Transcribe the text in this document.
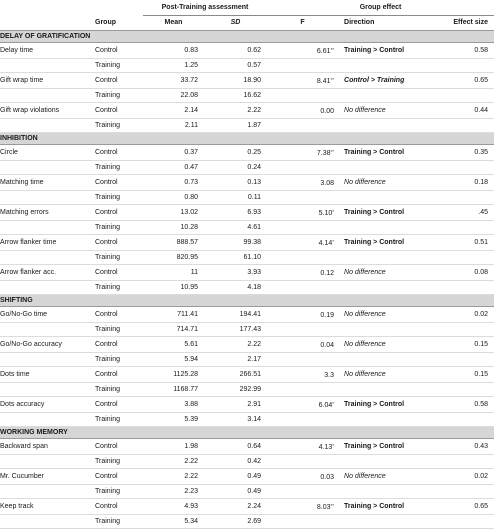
		Post-Training assessment		Group effect		
	Group	Mean	SD	F	Direction	Effect size
DELAY OF GRATIFICATION						
Delay time	Control	0.83	0.62	6.61**	Training > Control	0.58
	Training	1.25	0.57			
Gift wrap time	Control	33.72	18.90	8.41**	Control > Training	0.65
	Training	22.08	16.62			
Gift wrap violations	Control	2.14	2.22	0.00	No difference	0.44
	Training	2.11	1.87			
INHIBITION						
Circle	Control	0.37	0.25	7.38**	Training > Control	0.35
	Training	0.47	0.24			
Matching time	Control	0.73	0.13	3.08	No difference	0.18
	Training	0.80	0.11			
Matching errors	Control	13.02	6.93	5.10*	Training > Control	.45
	Training	10.28	4.61			
Arrow flanker time	Control	888.57	99.38	4.14*	Training > Control	0.51
	Training	820.95	61.10			
Arrow flanker acc.	Control	11	3.93	0.12	No difference	0.08
	Training	10.95	4.18			
SHIFTING						
Go/No-Go time	Control	711.41	194.41	0.19	No difference	0.02
	Training	714.71	177.43			
Go/No-Go accuracy	Control	5.61	2.22	0.04	No difference	0.15
	Training	5.94	2.17			
Dots time	Control	1125.28	266.51	3.3	No difference	0.15
	Training	1168.77	292.99			
Dots accuracy	Control	3.88	2.91	6.04*	Training > Control	0.58
	Training	5.39	3.14			
WORKING MEMORY						
Backward span	Control	1.98	0.64	4.13*	Training > Control	0.43
	Training	2.22	0.42			
Mr. Cucumber	Control	2.22	0.49	0.03	No difference	0.02
	Training	2.23	0.49			
Keep track	Control	4.93	2.24	8.03**	Training > Control	0.65
	Training	5.34	2.69			
